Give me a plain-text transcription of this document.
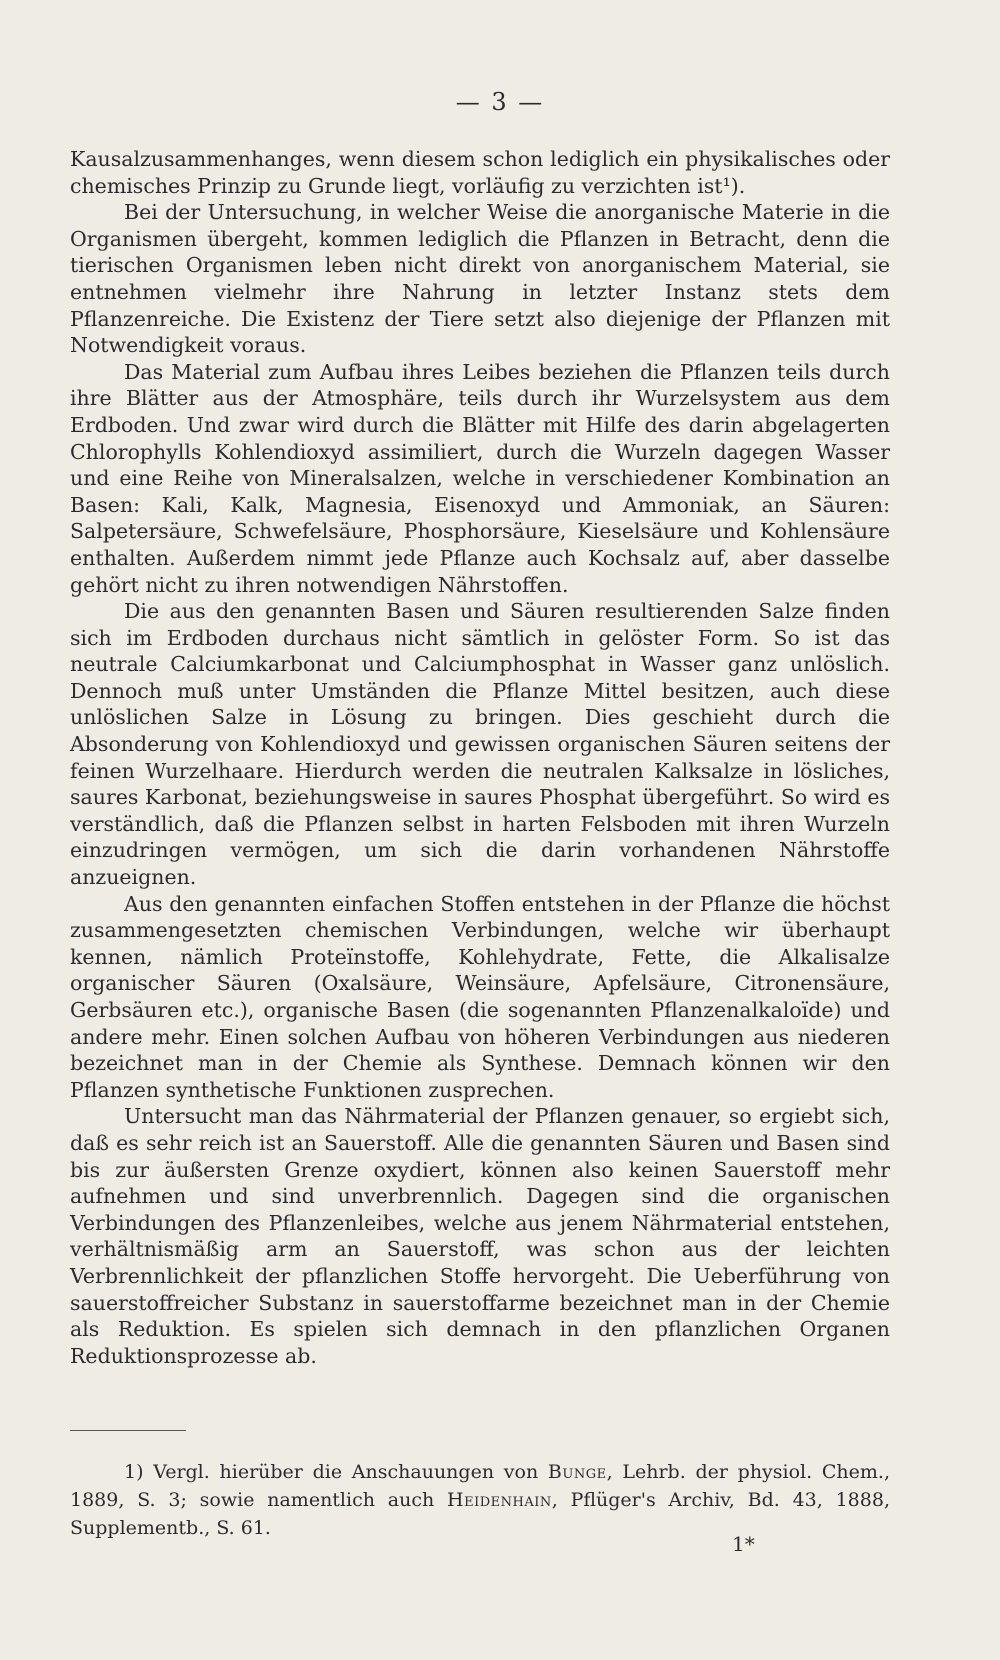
— 3 —

Kausalzusammenhanges, wenn diesem schon lediglich ein physikalisches oder chemisches Prinzip zu Grunde liegt, vorläufig zu verzichten ist¹).

Bei der Untersuchung, in welcher Weise die anorganische Materie in die Organismen übergeht, kommen lediglich die Pflanzen in Betracht, denn die tierischen Organismen leben nicht direkt von anorganischem Material, sie entnehmen vielmehr ihre Nahrung in letzter Instanz stets dem Pflanzenreiche. Die Existenz der Tiere setzt also diejenige der Pflanzen mit Notwendigkeit voraus.

Das Material zum Aufbau ihres Leibes beziehen die Pflanzen teils durch ihre Blätter aus der Atmosphäre, teils durch ihr Wurzelsystem aus dem Erdboden. Und zwar wird durch die Blätter mit Hilfe des darin abgelagerten Chlorophylls Kohlendioxyd assimiliert, durch die Wurzeln dagegen Wasser und eine Reihe von Mineralsalzen, welche in verschiedener Kombination an Basen: Kali, Kalk, Magnesia, Eisenoxyd und Ammoniak, an Säuren: Salpetersäure, Schwefelsäure, Phosphorsäure, Kieselsäure und Kohlensäure enthalten. Außerdem nimmt jede Pflanze auch Kochsalz auf, aber dasselbe gehört nicht zu ihren notwendigen Nährstoffen.

Die aus den genannten Basen und Säuren resultierenden Salze finden sich im Erdboden durchaus nicht sämtlich in gelöster Form. So ist das neutrale Calciumkarbonat und Calciumphosphat in Wasser ganz unlöslich. Dennoch muß unter Umständen die Pflanze Mittel besitzen, auch diese unlöslichen Salze in Lösung zu bringen. Dies geschieht durch die Absonderung von Kohlendioxyd und gewissen organischen Säuren seitens der feinen Wurzelhaare. Hierdurch werden die neutralen Kalksalze in lösliches, saures Karbonat, beziehungsweise in saures Phosphat übergeführt. So wird es verständlich, daß die Pflanzen selbst in harten Felsboden mit ihren Wurzeln einzudringen vermögen, um sich die darin vorhandenen Nährstoffe anzueignen.

Aus den genannten einfachen Stoffen entstehen in der Pflanze die höchst zusammengesetzten chemischen Verbindungen, welche wir überhaupt kennen, nämlich Proteïnstoffe, Kohlehydrate, Fette, die Alkalisalze organischer Säuren (Oxalsäure, Weinsäure, Apfelsäure, Citronensäure, Gerbsäuren etc.), organische Basen (die sogenannten Pflanzenalkaloïde) und andere mehr. Einen solchen Aufbau von höheren Verbindungen aus niederen bezeichnet man in der Chemie als Synthese. Demnach können wir den Pflanzen synthetische Funktionen zusprechen.

Untersucht man das Nährmaterial der Pflanzen genauer, so ergiebt sich, daß es sehr reich ist an Sauerstoff. Alle die genannten Säuren und Basen sind bis zur äußersten Grenze oxydiert, können also keinen Sauerstoff mehr aufnehmen und sind unverbrennlich. Dagegen sind die organischen Verbindungen des Pflanzenleibes, welche aus jenem Nährmaterial entstehen, verhältnismäßig arm an Sauerstoff, was schon aus der leichten Verbrennlichkeit der pflanzlichen Stoffe hervorgeht. Die Ueberführung von sauerstoffreicher Substanz in sauerstoffarme bezeichnet man in der Chemie als Reduktion. Es spielen sich demnach in den pflanzlichen Organen Reduktionsprozesse ab.

1) Vergl. hierüber die Anschauungen von Bunge, Lehrb. der physiol. Chem., 1889, S. 3; sowie namentlich auch Heidenhain, Pflüger's Archiv, Bd. 43, 1888, Supplementb., S. 61.

1*
